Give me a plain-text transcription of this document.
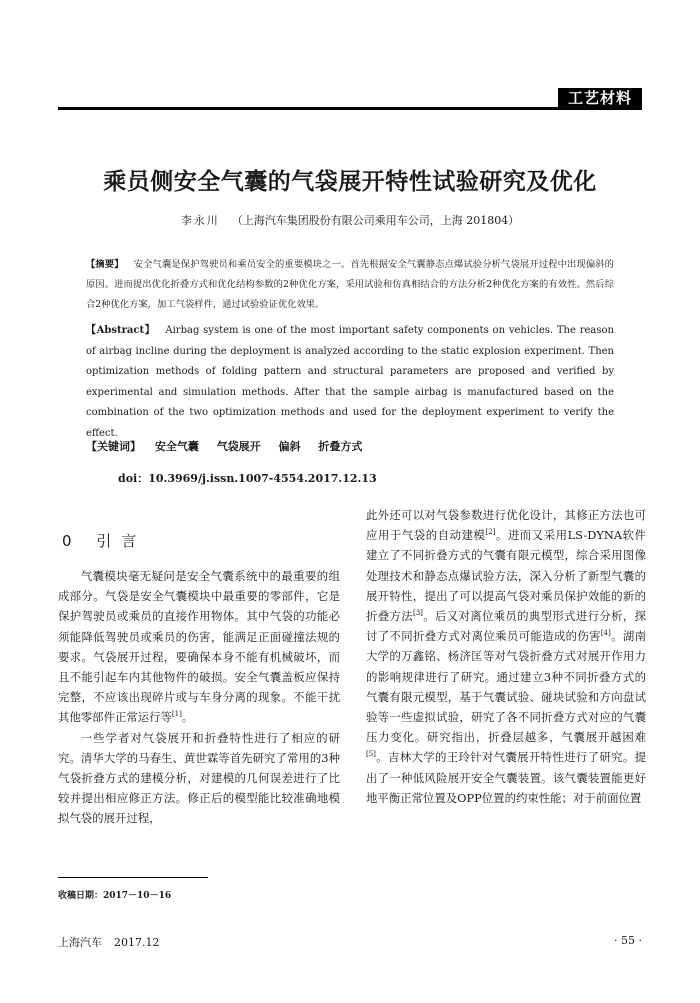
工艺材料
乘员侧安全气囊的气袋展开特性试验研究及优化
李永川 （上海汽车集团股份有限公司乘用车公司，上海 201804）
【摘要】 安全气囊是保护驾驶员和乘员安全的重要模块之一。首先根据安全气囊静态点爆试验分析气袋展开过程中出现偏斜的原因。进而提出优化折叠方式和优化结构参数的2种优化方案，采用试验和仿真相结合的方法分析2种优化方案的有效性。然后综合2种优化方案，加工气袋样件，通过试验验证优化效果。
【Abstract】 Airbag system is one of the most important safety components on vehicles. The reason of airbag incline during the deployment is analyzed according to the static explosion experiment. Then optimization methods of folding pattern and structural parameters are proposed and verified by experimental and simulation methods. After that the sample airbag is manufactured based on the combination of the two optimization methods and used for the deployment experiment to verify the effect.
【关键词】 安全气囊 气袋展开 偏斜 折叠方式
doi：10.3969/j.issn.1007-4554.2017.12.13
0 引言

气囊模块毫无疑问是安全气囊系统中的最重要的组成部分。气袋是安全气囊模块中最重要的零部件，它是保护驾驶员或乘员的直接作用物体。其中气袋的功能必须能降低驾驶员或乘员的伤害，能满足正面碰撞法规的要求。气袋展开过程，要确保本身不能有机械破坏，而且不能引起车内其他物件的破损。安全气囊盖板应保持完整，不应该出现碎片或与车身分离的现象。不能干扰其他零部件正常运行等[1]。

一些学者对气袋展开和折叠特性进行了相应的研究。清华大学的马春生、黄世霖等首先研究了常用的3种气袋折叠方式的建模分析，对建模的几何误差进行了比较并提出相应修正方法。修正后的模型能比较准确地模拟气袋的展开过程，

此外还可以对气袋参数进行优化设计，其修正方法也可应用于气袋的自动建模[2]。进而又采用LS-DYNA软件建立了不同折叠方式的气囊有限元模型，综合采用图像处理技术和静态点爆试验方法，深入分析了新型气囊的展开特性，提出了可以提高气袋对乘员保护效能的新的折叠方法[3]。后又对离位乘员的典型形式进行分析，探讨了不同折叠方式对离位乘员可能造成的伤害[4]。湖南大学的万鑫铭、杨济匡等对气袋折叠方式对展开作用力的影响规律进行了研究。通过建立3种不同折叠方式的气囊有限元模型，基于气囊试验、碰块试验和方向盘试验等一些虚拟试验，研究了各不同折叠方式对应的气囊压力变化。研究指出，折叠层越多，气囊展开越困难[5]。吉林大学的王玲针对气囊展开特性进行了研究。提出了一种低风险展开安全气囊装置。该气囊装置能更好地平衡正常位置及OPP位置的约束性能；对于前面位置

收稿日期：2017－10－16
上海汽车 2017.12	· 55 ·
